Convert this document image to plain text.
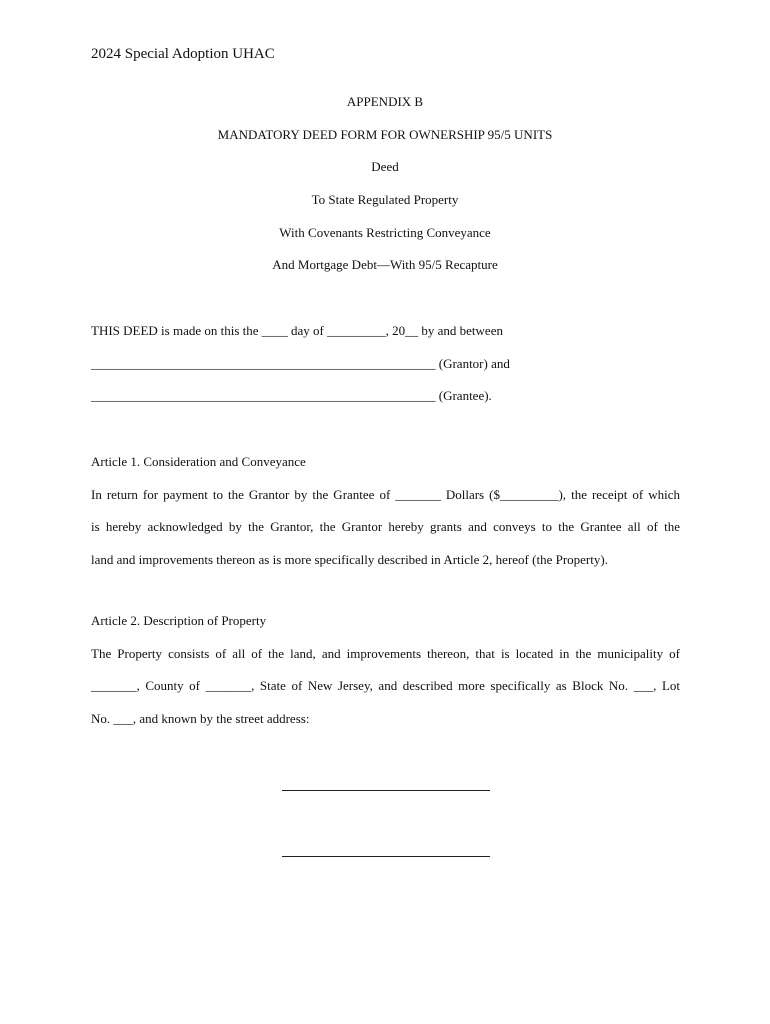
2024 Special Adoption UHAC
APPENDIX B
MANDATORY DEED FORM FOR OWNERSHIP 95/5 UNITS
Deed
To State Regulated Property
With Covenants Restricting Conveyance
And Mortgage Debt—With 95/5 Recapture
THIS DEED is made on this the ____ day of _________, 20__ by and between
_____________________________________________________ (Grantor) and
_____________________________________________________ (Grantee).
Article 1. Consideration and Conveyance
In return for payment to the Grantor by the Grantee of _______ Dollars ($_________), the receipt of which
is hereby acknowledged by the Grantor, the Grantor hereby grants and conveys to the Grantee all of the
land and improvements thereon as is more specifically described in Article 2, hereof (the Property).
Article 2. Description of Property
The Property consists of all of the land, and improvements thereon, that is located in the municipality of
_______, County of _______, State of New Jersey, and described more specifically as Block No. ___, Lot
No. ___, and known by the street address:
